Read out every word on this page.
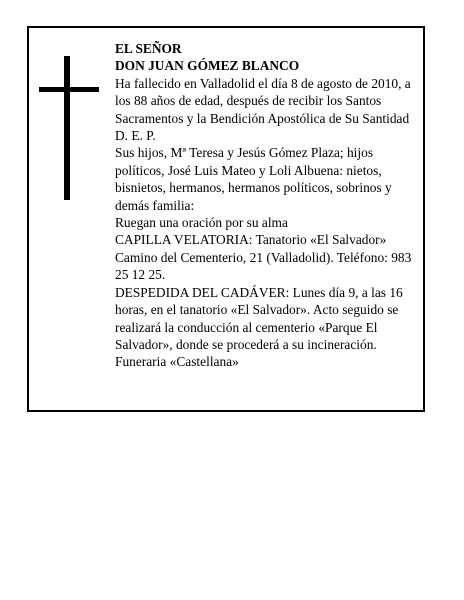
EL SEÑOR

DON JUAN GÓMEZ BLANCO

Ha fallecido en Valladolid el día 8 de agosto de 2010, a los 88 años de edad, después de recibir los Santos Sacramentos y la Bendición Apostólica de Su Santidad D. E. P.

Sus hijos, Mª Teresa y Jesús Gómez Plaza; hijos políticos, José Luis Mateo y Loli Albuena: nietos, bisnietos, hermanos, hermanos políticos, sobrinos y demás familia:

Ruegan una oración por su alma

CAPILLA VELATORIA: Tanatorio «El Salvador» Camino del Cementerio, 21 (Valladolid). Teléfono: 983 25 12 25.

DESPEDIDA DEL CADÁVER: Lunes día 9, a las 16 horas, en el tanatorio «El Salvador». Acto seguido se realizará la conducción al cementerio «Parque El Salvador», donde se procederá a su incineración.

Funeraria «Castellana»
